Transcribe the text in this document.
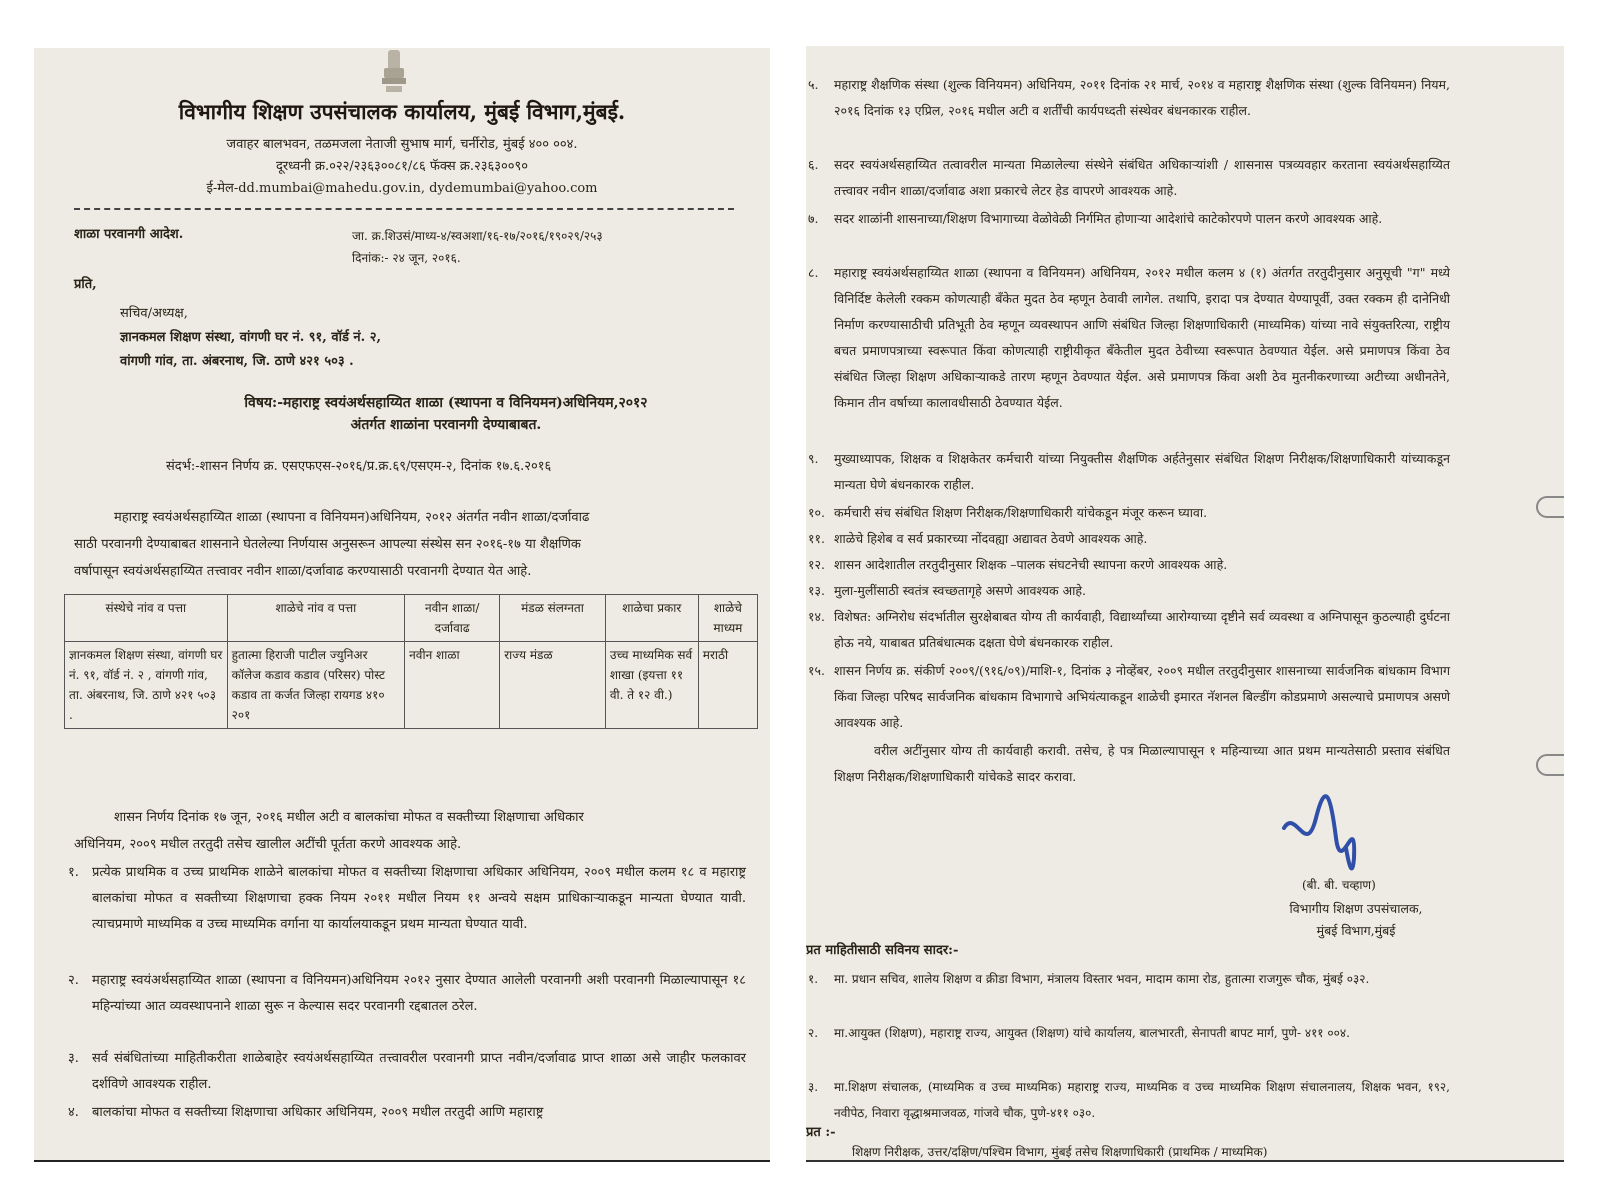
विभागीय शिक्षण उपसंचालक कार्यालय, मुंबई विभाग,मुंबई.
जवाहर बालभवन, तळमजला नेताजी सुभाष मार्ग, चर्नीरोड, मुंबई ४०० ००४.
दूरध्वनी क्र.०२२/२३६३००८१/८६ फॅक्स क्र.२३६३००९०
ई-मेल-dd.mumbai@mahedu.gov.in, dydemumbai@yahoo.com
शाळा परवानगी आदेश.	जा. क्र.शिउसं/माध्य-४/स्वअशा/१६-१७/२०१६/१९०२९/२५३
दिनांक:- २४ जून, २०१६.
प्रति,
सचिव/अध्यक्ष,
ज्ञानकमल शिक्षण संस्था, वांगणी घर नं. ९१, वॉर्ड नं. २,
वांगणी गांव, ता. अंबरनाथ, जि. ठाणे ४२१ ५०३ .
विषय:-महाराष्ट्र स्वयंअर्थसहाय्यित शाळा (स्थापना व विनियमन)अधिनियम,२०१२
अंतर्गत शाळांना परवानगी देण्याबाबत.
संदर्भ:-शासन निर्णय क्र. एसएफएस-२०१६/प्र.क्र.६९/एसएम-२, दिनांक १७.६.२०१६
महाराष्ट्र स्वयंअर्थसहाय्यित शाळा (स्थापना व विनियमन)अधिनियम, २०१२ अंतर्गत नवीन शाळा/दर्जावाढ
साठी परवानगी देण्याबाबत शासनाने घेतलेल्या निर्णयास अनुसरून आपल्या संस्थेस सन २०१६-१७ या शैक्षणिक
वर्षापासून स्वयंअर्थसहाय्यित तत्त्वावर नवीन शाळा/दर्जावाढ करण्यासाठी परवानगी देण्यात येत आहे.
संस्थेचे नांव व पत्ता	शाळेचे नांव व पत्ता	नवीन शाळा/ दर्जावाढ	मंडळ संलग्नता	शाळेचा प्रकार	शाळेचे माध्यम
ज्ञानकमल शिक्षण संस्था, वांगणी घर नं. ९१, वॉर्ड नं. २ , वांगणी गांव, ता. अंबरनाथ, जि. ठाणे ४२१ ५०३ .	हुतात्मा हिराजी पाटील ज्युनिअर कॉलेज कडाव कडाव (परिसर) पोस्ट कडाव ता कर्जत जिल्हा रायगड ४१० २०१	नवीन शाळा	राज्य मंडळ	उच्च माध्यमिक सर्व शाखा (इयत्ता ११ वी. ते १२ वी.)	मराठी
शासन निर्णय दिनांक १७ जून, २०१६ मधील अटी व बालकांचा मोफत व सक्तीच्या शिक्षणाचा अधिकार
अधिनियम, २००९ मधील तरतुदी तसेच खालील अटींची पूर्तता करणे आवश्यक आहे.
१. प्रत्येक प्राथमिक व उच्च प्राथमिक शाळेने बालकांचा मोफत व सक्तीच्या शिक्षणाचा अधिकार अधिनियम, २००९ मधील कलम १८ व महाराष्ट्र बालकांचा मोफत व सक्तीच्या शिक्षणाचा हक्क नियम २०११ मधील नियम ११ अन्वये सक्षम प्राधिकाऱ्याकडून मान्यता घेण्यात यावी. त्याचप्रमाणे माध्यमिक व उच्च माध्यमिक वर्गाना या कार्यालयाकडून प्रथम मान्यता घेण्यात यावी.
२. महाराष्ट्र स्वयंअर्थसहाय्यित शाळा (स्थापना व विनियमन)अधिनियम २०१२ नुसार देण्यात आलेली परवानगी अशी परवानगी मिळाल्यापासून १८ महिन्यांच्या आत व्यवस्थापनाने शाळा सुरू न केल्यास सदर परवानगी रद्दबातल ठरेल.
३. सर्व संबंधितांच्या माहितीकरीता शाळेबाहेर स्वयंअर्थसहाय्यित तत्त्वावरील परवानगी प्राप्त नवीन/दर्जावाढ प्राप्त शाळा असे जाहीर फलकावर दर्शविणे आवश्यक राहील.
४. बालकांचा मोफत व सक्तीच्या शिक्षणाचा अधिकार अधिनियम, २००९ मधील तरतुदी आणि महाराष्ट्र
५. महाराष्ट्र शैक्षणिक संस्था (शुल्क विनियमन) अधिनियम, २०११ दिनांक २१ मार्च, २०१४ व महाराष्ट्र शैक्षणिक संस्था (शुल्क विनियमन) नियम, २०१६ दिनांक १३ एप्रिल, २०१६ मधील अटी व शर्तींची कार्यपध्दती संस्थेवर बंधनकारक राहील.
६. सदर स्वयंअर्थसहाय्यित तत्वावरील मान्यता मिळालेल्या संस्थेने संबंधित अधिकाऱ्यांशी / शासनास पत्रव्यवहार करताना स्वयंअर्थसहाय्यित तत्त्वावर नवीन शाळा/दर्जावाढ अशा प्रकारचे लेटर हेड वापरणे आवश्यक आहे.
७. सदर शाळांनी शासनाच्या/शिक्षण विभागाच्या वेळोवेळी निर्गमित होणाऱ्या आदेशांचे काटेकोरपणे पालन करणे आवश्यक आहे.
८. महाराष्ट्र स्वयंअर्थसहाय्यित शाळा (स्थापना व विनियमन) अधिनियम, २०१२ मधील कलम ४ (१) अंतर्गत तरतुदीनुसार अनुसूची "ग" मध्ये विनिर्दिष्ट केलेली रक्कम कोणत्याही बँकेत मुदत ठेव म्हणून ठेवावी लागेल. तथापि, इरादा पत्र देण्यात येण्यापूर्वी, उक्त रक्कम ही दानेनिधी निर्माण करण्यासाठीची प्रतिभूती ठेव म्हणून व्यवस्थापन आणि संबंधित जिल्हा शिक्षणाधिकारी (माध्यमिक) यांच्या नावे संयुक्तरित्या, राष्ट्रीय बचत प्रमाणपत्राच्या स्वरूपात किंवा कोणत्याही राष्ट्रीयीकृत बँकेतील मुदत ठेवीच्या स्वरूपात ठेवण्यात येईल. असे प्रमाणपत्र किंवा ठेव संबंधित जिल्हा शिक्षण अधिकाऱ्याकडे तारण म्हणून ठेवण्यात येईल. असे प्रमाणपत्र किंवा अशी ठेव मुतनीकरणाच्या अटीच्या अधीनतेने, किमान तीन वर्षाच्या कालावधीसाठी ठेवण्यात येईल.
९. मुख्याध्यापक, शिक्षक व शिक्षकेतर कर्मचारी यांच्या नियुक्तीस शैक्षणिक अर्हतेनुसार संबंधित शिक्षण निरीक्षक/शिक्षणाधिकारी यांच्याकडून मान्यता घेणे बंधनकारक राहील.
१०. कर्मचारी संच संबंधित शिक्षण निरीक्षक/शिक्षणाधिकारी यांचेकडून मंजूर करून घ्यावा.
११. शाळेचे हिशेब व सर्व प्रकारच्या नोंदवह्या अद्यावत ठेवणे आवश्यक आहे.
१२. शासन आदेशातील तरतुदीनुसार शिक्षक –पालक संघटनेची स्थापना करणे आवश्यक आहे.
१३. मुला-मुलींसाठी स्वतंत्र स्वच्छतागृहे असणे आवश्यक आहे.
१४. विशेषत: अग्निरोध संदर्भातील सुरक्षेबाबत योग्य ती कार्यवाही, विद्यार्थ्यांच्या आरोग्याच्या दृष्टीने सर्व व्यवस्था व अग्निपासून कुठल्याही दुर्घटना होऊ नये, याबाबत प्रतिबंधात्मक दक्षता घेणे बंधनकारक राहील.
१५. शासन निर्णय क्र. संकीर्ण २००९/(९१६/०९)/माशि-१, दिनांक ३ नोव्हेंबर, २००९ मधील तरतुदीनुसार शासनाच्या सार्वजनिक बांधकाम विभाग किंवा जिल्हा परिषद सार्वजनिक बांधकाम विभागाचे अभियंत्याकडून शाळेची इमारत नॅशनल बिल्डींग कोडप्रमाणे असल्याचे प्रमाणपत्र असणे आवश्यक आहे.
वरील अटींनुसार योग्य ती कार्यवाही करावी. तसेच, हे पत्र मिळाल्यापासून १ महिन्याच्या आत प्रथम मान्यतेसाठी प्रस्ताव संबंधित शिक्षण निरीक्षक/शिक्षणाधिकारी यांचेकडे सादर करावा.
(बी. बी. चव्हाण)
विभागीय शिक्षण उपसंचालक,
मुंबई विभाग,मुंबई
प्रत माहितीसाठी सविनय सादर:-
१. मा. प्रधान सचिव, शालेय शिक्षण व क्रीडा विभाग, मंत्रालय विस्तार भवन, मादाम कामा रोड, हुतात्मा राजगुरू चौक, मुंबई ०३२.
२. मा.आयुक्त (शिक्षण), महाराष्ट्र राज्य, आयुक्त (शिक्षण) यांचे कार्यालय, बालभारती, सेनापती बापट मार्ग, पुणे- ४११ ००४.
३. मा.शिक्षण संचालक, (माध्यमिक व उच्च माध्यमिक) महाराष्ट्र राज्य, माध्यमिक व उच्च माध्यमिक शिक्षण संचालनालय, शिक्षक भवन, १९२, नवीपेठ, निवारा वृद्धाश्रमाजवळ, गांजवे चौक, पुणे-४११ ०३०.
प्रत :-
शिक्षण निरीक्षक, उत्तर/दक्षिण/पश्चिम विभाग, मुंबई तसेच शिक्षणाधिकारी (प्राथमिक / माध्यमिक)
